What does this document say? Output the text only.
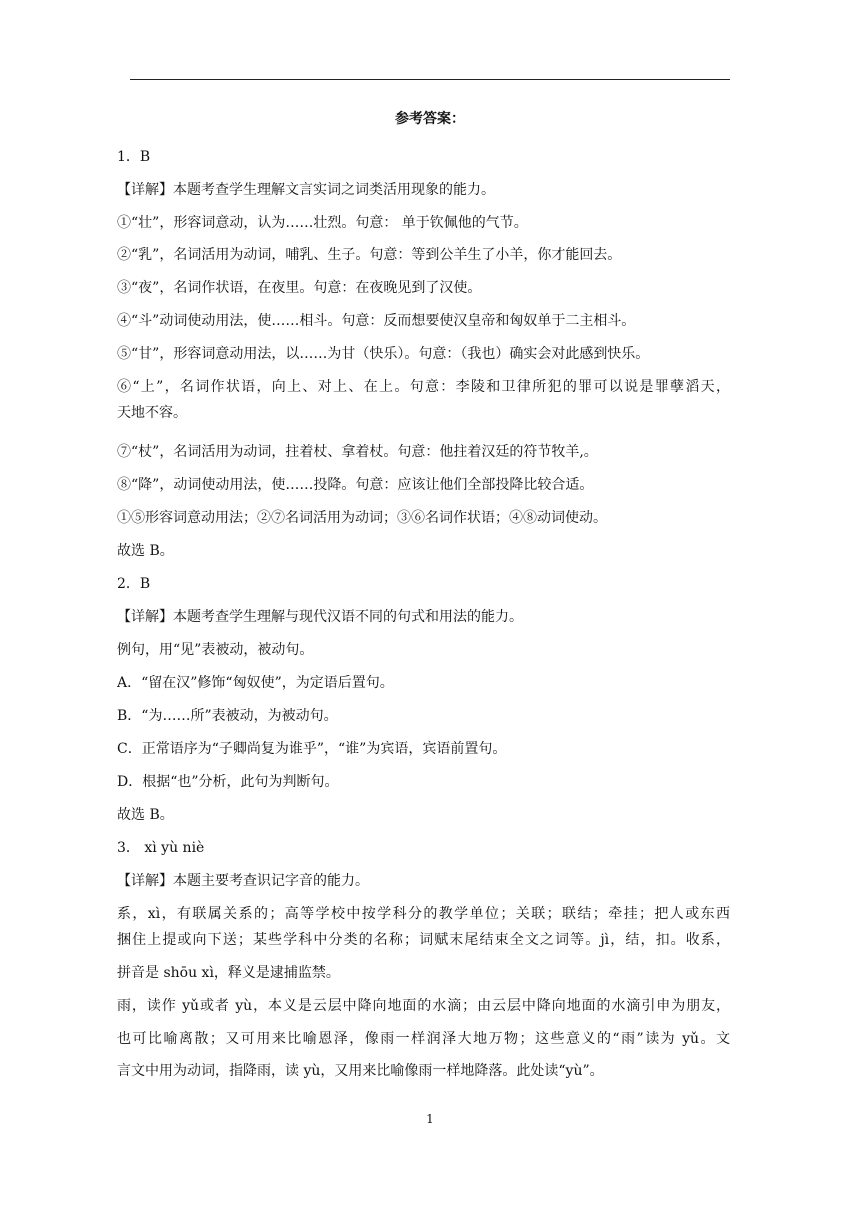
参考答案：
1．B
【详解】本题考查学生理解文言实词之词类活用现象的能力。
①“壮”，形容词意动，认为……壮烈。句意： 单于钦佩他的气节。
②“乳”，名词活用为动词，哺乳、生子。句意：等到公羊生了小羊，你才能回去。
③“夜”，名词作状语，在夜里。句意：在夜晚见到了汉使。
④“斗”动词使动用法，使……相斗。句意：反而想要使汉皇帝和匈奴单于二主相斗。
⑤“甘”，形容词意动用法，以……为甘（快乐）。句意：（我也）确实会对此感到快乐。
⑥“上”，名词作状语，向上、对上、在上。句意：李陵和卫律所犯的罪可以说是罪孽滔天，
天地不容。
⑦“杖”，名词活用为动词，拄着杖、拿着杖。句意：他拄着汉廷的符节牧羊,。
⑧“降”，动词使动用法，使……投降。句意：应该让他们全部投降比较合适。
①⑤形容词意动用法；②⑦名词活用为动词；③⑥名词作状语；④⑧动词使动。
故选 B。
2．B
【详解】本题考查学生理解与现代汉语不同的句式和用法的能力。
例句，用“见”表被动，被动句。
A．“留在汉”修饰“匈奴使”，为定语后置句。
B．“为……所”表被动，为被动句。
C．正常语序为“子卿尚复为谁乎”，“谁”为宾语，宾语前置句。
D．根据“也”分析，此句为判断句。
故选 B。
3． xì yù niè
【详解】本题主要考查识记字音的能力。
系，xì，有联属关系的；高等学校中按学科分的教学单位；关联；联结；牵挂；把人或东西
捆住上提或向下送；某些学科中分类的名称；词赋末尾结束全文之词等。jì，结，扣。收系，
拼音是 shōu xì，释义是逮捕监禁。
雨，读作 yǔ或者 yù，本义是云层中降向地面的水滴；由云层中降向地面的水滴引申为朋友，
也可比喻离散；又可用来比喻恩泽，像雨一样润泽大地万物；这些意义的“雨”读为 yǔ。文
言文中用为动词，指降雨，读 yù，又用来比喻像雨一样地降落。此处读“yù”。
1
